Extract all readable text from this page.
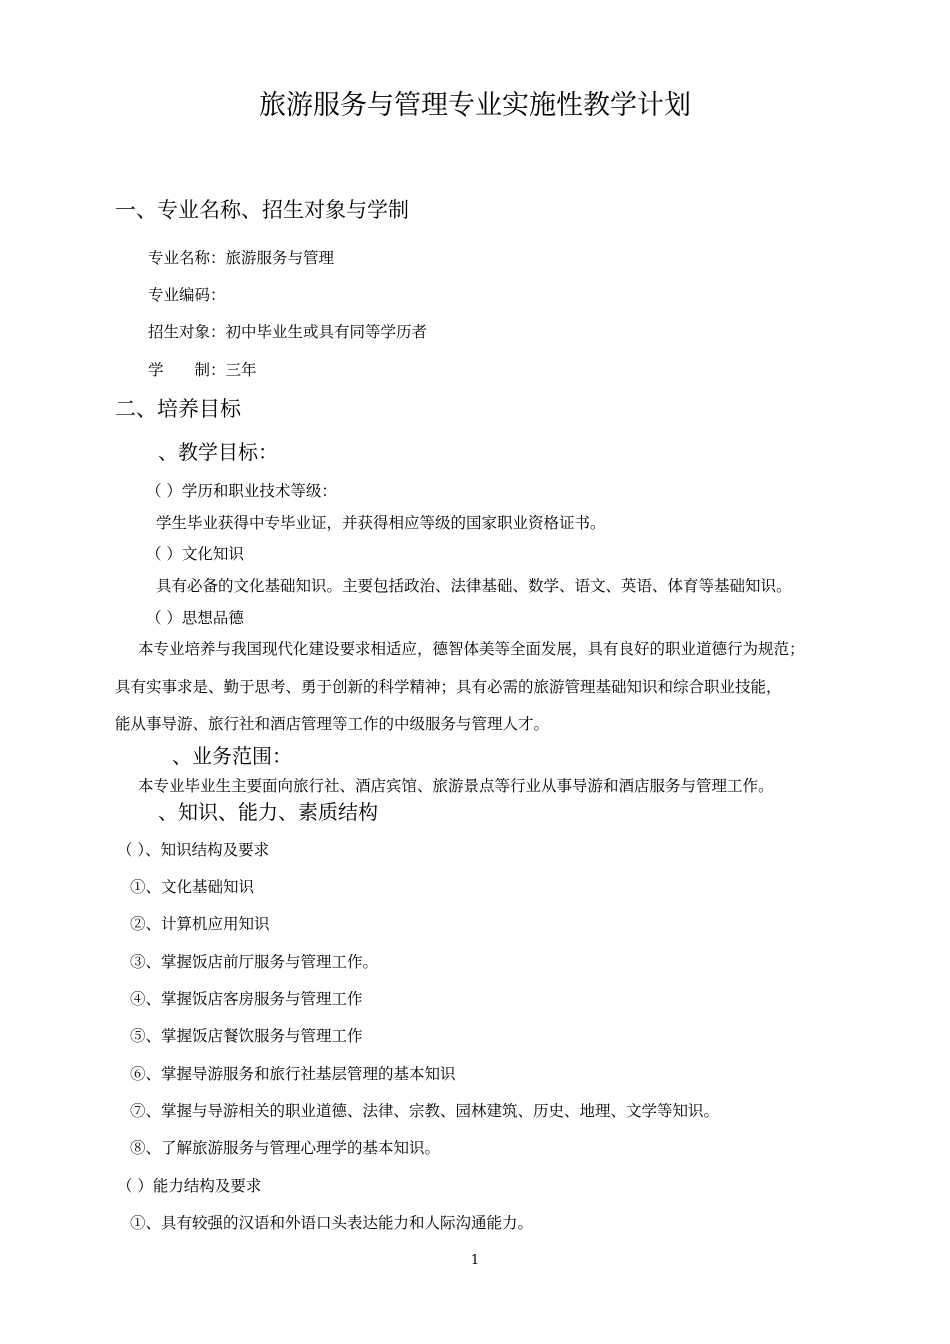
旅游服务与管理专业实施性教学计划
一、专业名称、招生对象与学制
专业名称：旅游服务与管理
专业编码：
招生对象：初中毕业生或具有同等学历者
学　　制：三年
二、培养目标
、教学目标：
（ ）学历和职业技术等级：
学生毕业获得中专毕业证，并获得相应等级的国家职业资格证书。
（ ）文化知识
具有必备的文化基础知识。主要包括政治、法律基础、数学、语文、英语、体育等基础知识。
（ ）思想品德
本专业培养与我国现代化建设要求相适应，德智体美等全面发展，具有良好的职业道德行为规范；
具有实事求是、勤于思考、勇于创新的科学精神；具有必需的旅游管理基础知识和综合职业技能，
能从事导游、旅行社和酒店管理等工作的中级服务与管理人才。
、业务范围：
本专业毕业生主要面向旅行社、酒店宾馆、旅游景点等行业从事导游和酒店服务与管理工作。
、知识、能力、素质结构
（ ）、知识结构及要求
①、文化基础知识
②、计算机应用知识
③、掌握饭店前厅服务与管理工作。
④、掌握饭店客房服务与管理工作
⑤、掌握饭店餐饮服务与管理工作
⑥、掌握导游服务和旅行社基层管理的基本知识
⑦、掌握与导游相关的职业道德、法律、宗教、园林建筑、历史、地理、文学等知识。
⑧、了解旅游服务与管理心理学的基本知识。
（ ）能力结构及要求
①、具有较强的汉语和外语口头表达能力和人际沟通能力。
1
